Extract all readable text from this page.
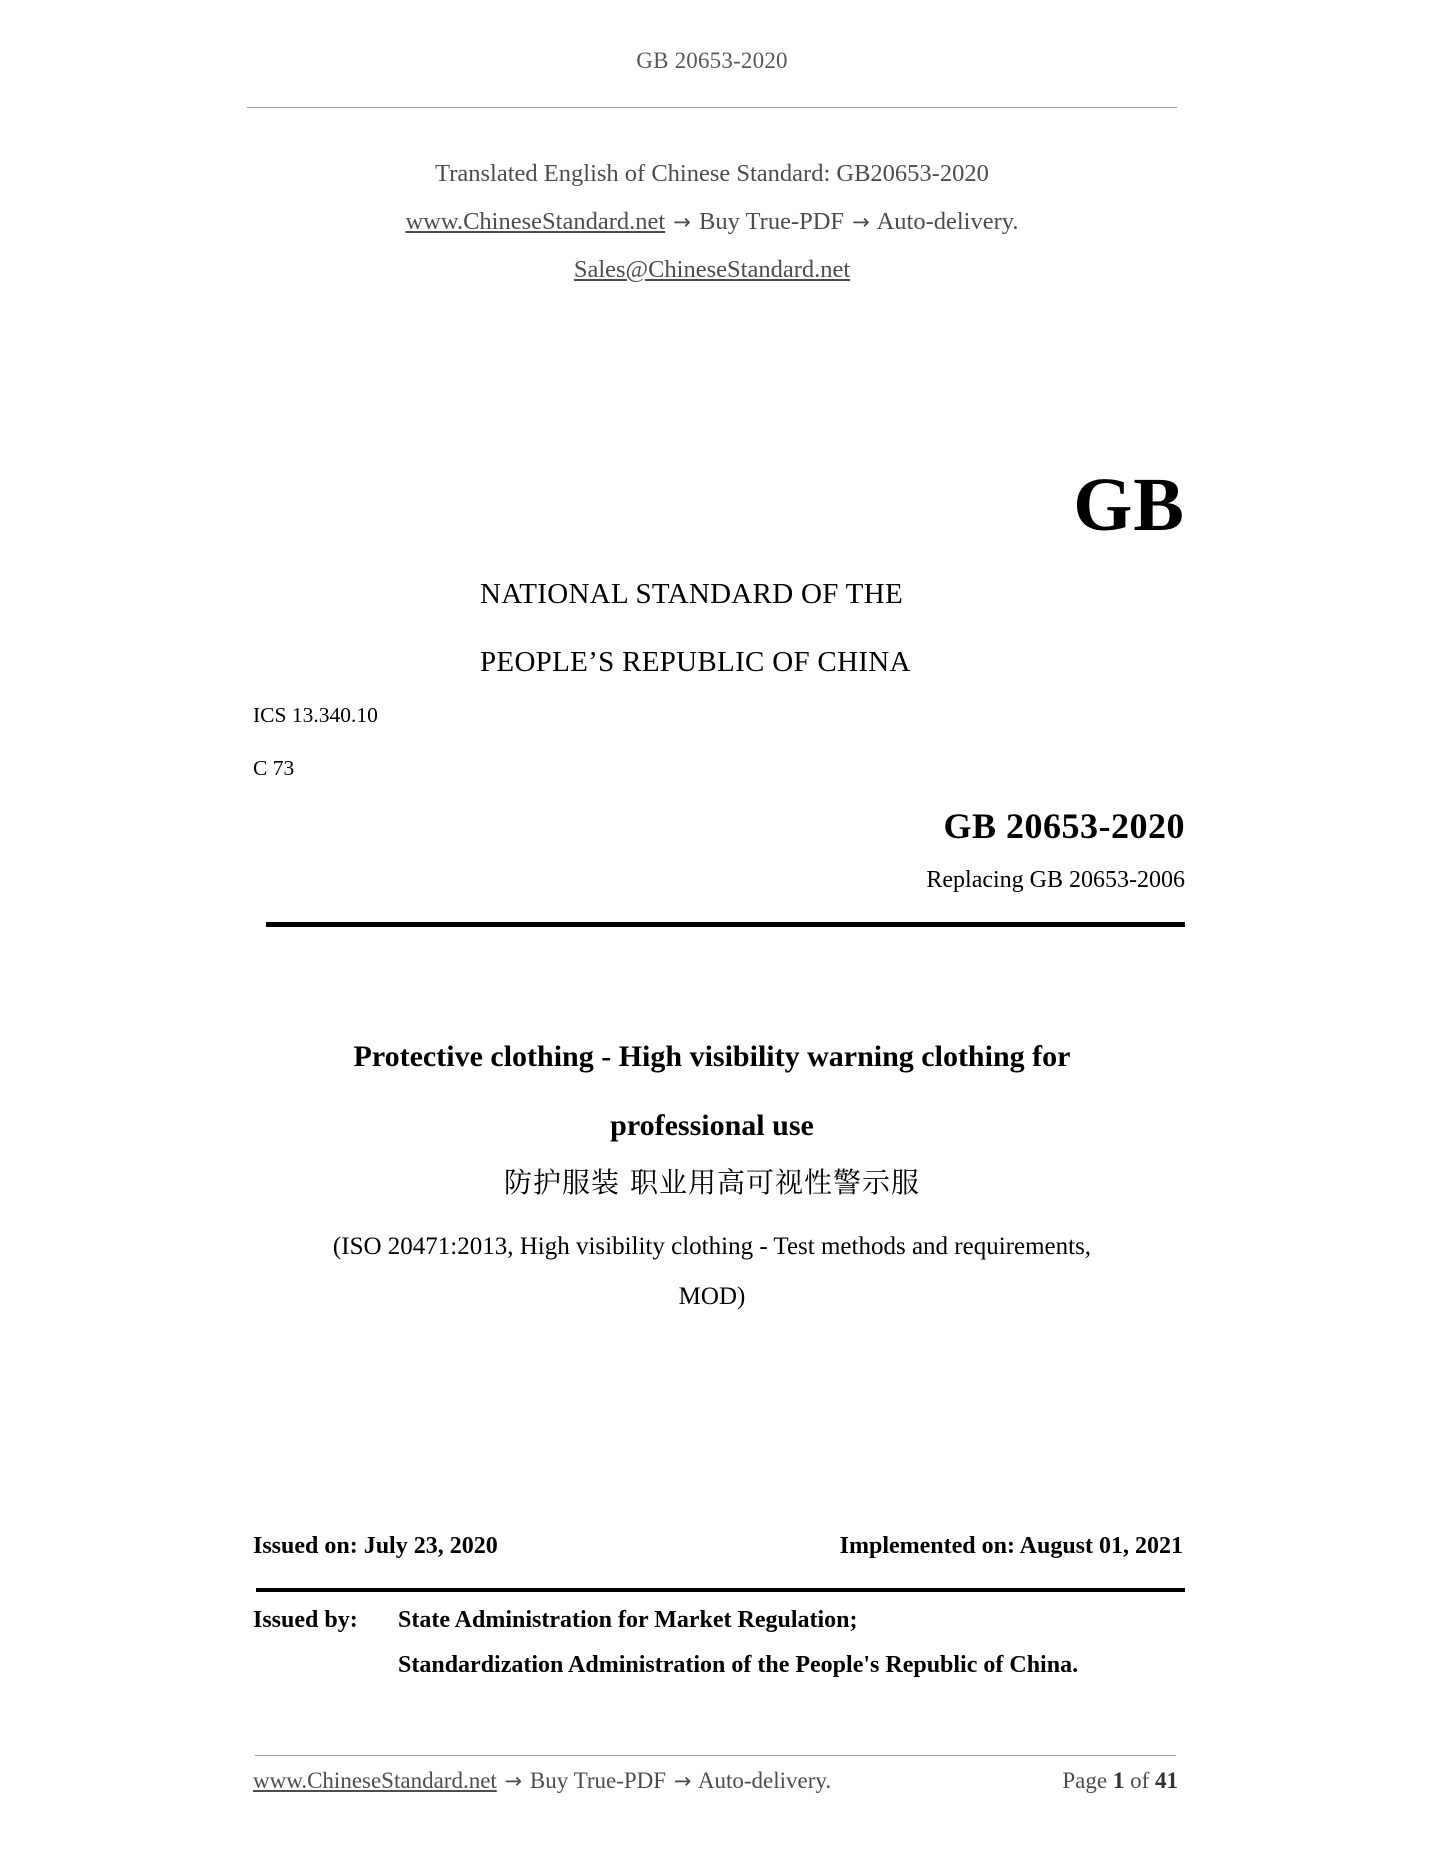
GB 20653-2020
Translated English of Chinese Standard: GB20653-2020
www.ChineseStandard.net → Buy True-PDF → Auto-delivery.
Sales@ChineseStandard.net
GB
NATIONAL STANDARD OF THE
PEOPLE’S REPUBLIC OF CHINA
ICS 13.340.10
C 73
GB 20653-2020
Replacing GB 20653-2006
Protective clothing - High visibility warning clothing for
professional use
防护服装 职业用高可视性警示服
(ISO 20471:2013, High visibility clothing - Test methods and requirements,
MOD)
Issued on: July 23, 2020	Implemented on: August 01, 2021
Issued by: State Administration for Market Regulation;
Standardization Administration of the People's Republic of China.
www.ChineseStandard.net → Buy True-PDF → Auto-delivery.	Page 1 of 41
